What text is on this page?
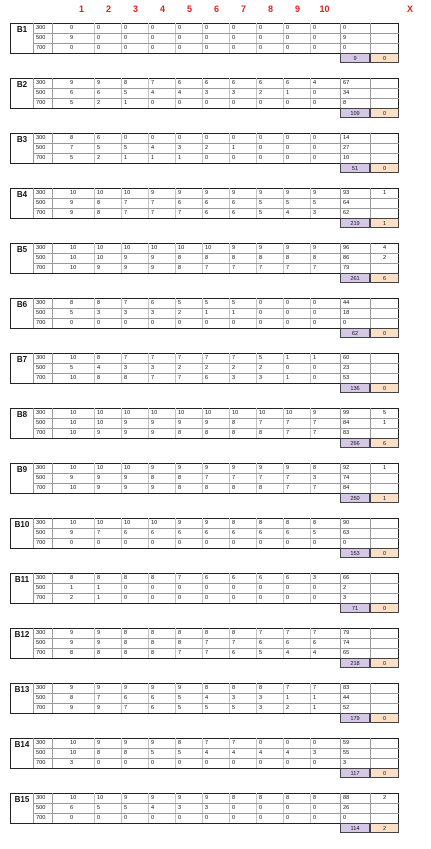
1	2	3	4	5	6	7	8	9	10	X
B1	300	0	0	0	0	0	0	0	0	0	0	0
500	9	0	0	0	0	0	0	0	0	0	9
700	0	0	0	0	0	0	0	0	0	0	0
9	0
B2	300	9	9	8	7	6	6	6	6	6	4	67
500	6	6	5	4	4	3	3	2	1	0	34
700	5	2	1	0	0	0	0	0	0	0	8
109	0
B3	300	8	6	0	0	0	0	0	0	0	0	14
500	7	5	5	4	3	2	1	0	0	0	27
700	5	2	1	1	1	0	0	0	0	0	10
51	0
B4	300	10	10	10	9	9	9	9	9	9	9	93	1
500	9	8	7	7	6	6	6	5	5	5	64
700	9	8	7	7	7	6	6	5	4	3	62
219	1
B5	300	10	10	10	10	10	10	9	9	9	9	96	4
500	10	10	9	9	8	8	8	8	8	8	86	2
700	10	9	9	9	8	7	7	7	7	7	79
261	6
B6	300	8	8	7	6	5	5	5	0	0	0	44
500	5	3	3	3	2	1	1	0	0	0	18
700	0	0	0	0	0	0	0	0	0	0	0
62	0
B7	300	10	8	7	7	7	7	7	5	1	1	60
500	5	4	3	3	2	2	2	2	0	0	23
700	10	8	8	7	7	6	3	3	1	0	53
136	0
B8	300	10	10	10	10	10	10	10	10	10	9	99	5
500	10	10	9	9	9	9	8	7	7	7	84	1
700	10	9	9	9	8	8	8	8	7	7	83
266	6
B9	300	10	10	10	9	9	9	9	9	9	8	92	1
500	9	9	9	8	8	7	7	7	7	3	74
700	10	9	9	9	8	8	8	8	7	7	84
250	1
B10	300	10	10	10	10	9	9	8	8	8	8	90
500	9	7	6	6	6	6	6	6	6	5	63
700	0	0	0	0	0	0	0	0	0	0	0
153	0
B11	300	8	8	8	8	7	6	6	6	6	3	66
500	1	1	0	0	0	0	0	0	0	0	2
700	2	1	0	0	0	0	0	0	0	0	3
71	0
B12	300	9	9	8	8	8	8	8	7	7	7	79
500	9	9	8	8	8	7	7	6	6	6	74
700	8	8	8	8	7	7	6	5	4	4	65
218	0
B13	300	9	9	9	9	9	8	8	8	7	7	83
500	8	7	6	6	5	4	3	3	1	1	44
700	9	9	7	6	5	5	5	3	2	1	52
179	0
B14	300	10	9	9	9	8	7	7	0	0	0	59
500	10	8	8	5	5	4	4	4	4	3	55
700	3	0	0	0	0	0	0	0	0	0	3
117	0
B15	300	10	10	9	9	9	9	8	8	8	8	88	2
500	6	5	5	4	3	3	0	0	0	0	26
700	0	0	0	0	0	0	0	0	0	0	0
114	2
